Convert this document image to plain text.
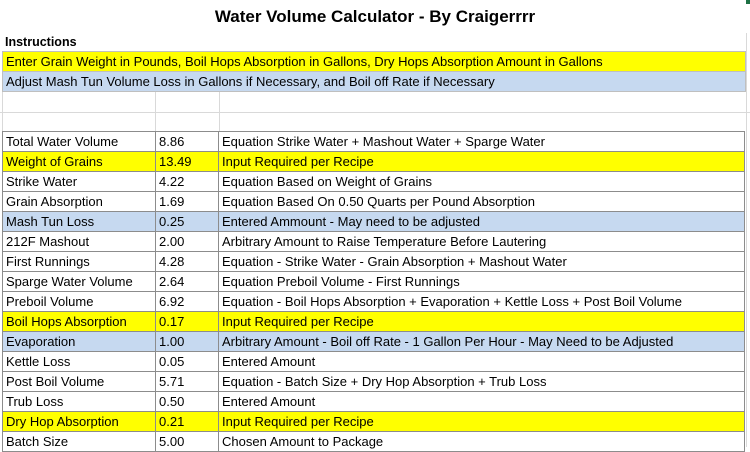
Water Volume Calculator - By Craigerrrr
Instructions
Enter Grain Weight in Pounds, Boil Hops Absorption in Gallons, Dry Hops Absorption Amount in Gallons
Adjust Mash Tun Volume Loss in Gallons if Necessary, and Boil off Rate if Necessary
Total Water Volume	8.86	Equation Strike Water + Mashout Water + Sparge Water
Weight of Grains	13.49	Input Required per Recipe
Strike Water	4.22	Equation Based on Weight of Grains
Grain Absorption	1.69	Equation Based On 0.50 Quarts per Pound Absorption
Mash Tun Loss	0.25	Entered Ammount - May need to be adjusted
212F Mashout	2.00	Arbitrary Amount to Raise Temperature Before Lautering
First Runnings	4.28	Equation - Strike Water - Grain Absorption + Mashout Water
Sparge Water Volume	2.64	Equation Preboil Volume - First Runnings
Preboil Volume	6.92	Equation - Boil Hops Absorption + Evaporation + Kettle Loss + Post Boil Volume
Boil Hops Absorption	0.17	Input Required per Recipe
Evaporation	1.00	Arbitrary Amount - Boil off Rate - 1 Gallon Per Hour - May Need to be Adjusted
Kettle Loss	0.05	Entered Amount
Post Boil Volume	5.71	Equation - Batch Size + Dry Hop Absorption + Trub Loss
Trub Loss	0.50	Entered Amount
Dry Hop Absorption	0.21	Input Required per Recipe
Batch Size	5.00	Chosen Amount to Package
